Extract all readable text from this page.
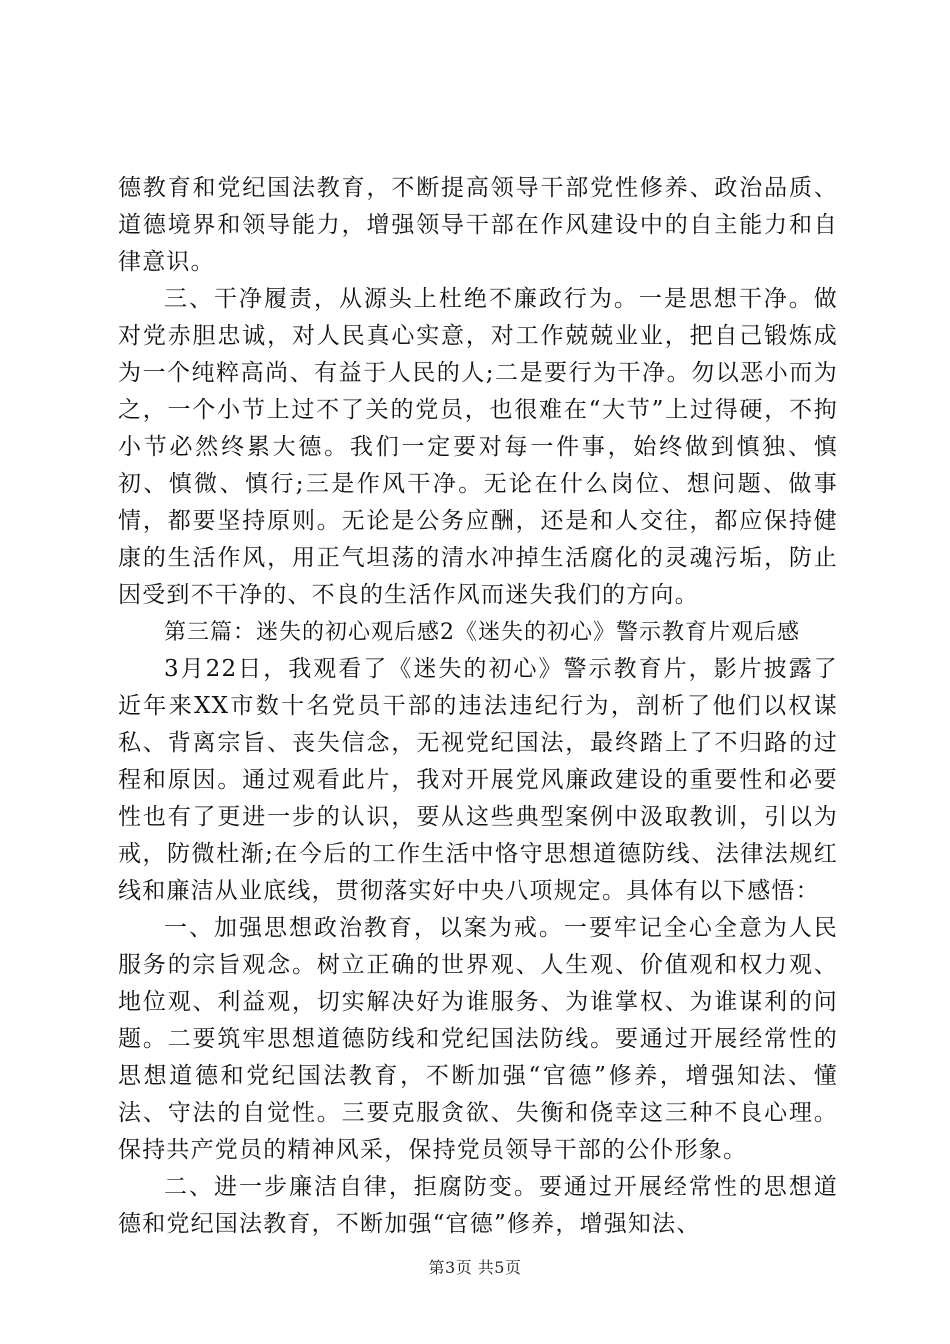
德教育和党纪国法教育，不断提高领导干部党性修养、政治品质、道德境界和领导能力，增强领导干部在作风建设中的自主能力和自律意识。

三、干净履责，从源头上杜绝不廉政行为。一是思想干净。做对党赤胆忠诚，对人民真心实意，对工作兢兢业业，把自己锻炼成为一个纯粹高尚、有益于人民的人;二是要行为干净。勿以恶小而为之，一个小节上过不了关的党员，也很难在“大节”上过得硬，不拘小节必然终累大德。我们一定要对每一件事，始终做到慎独、慎初、慎微、慎行;三是作风干净。无论在什么岗位、想问题、做事情，都要坚持原则。无论是公务应酬，还是和人交往，都应保持健康的生活作风，用正气坦荡的清水冲掉生活腐化的灵魂污垢，防止因受到不干净的、不良的生活作风而迷失我们的方向。

第三篇：迷失的初心观后感2《迷失的初心》警示教育片观后感

3月22日，我观看了《迷失的初心》警示教育片，影片披露了近年来XX市数十名党员干部的违法违纪行为，剖析了他们以权谋私、背离宗旨、丧失信念，无视党纪国法，最终踏上了不归路的过程和原因。通过观看此片，我对开展党风廉政建设的重要性和必要性也有了更进一步的认识，要从这些典型案例中汲取教训，引以为戒，防微杜渐;在今后的工作生活中恪守思想道德防线、法律法规红线和廉洁从业底线，贯彻落实好中央八项规定。具体有以下感悟：

一、加强思想政治教育，以案为戒。一要牢记全心全意为人民服务的宗旨观念。树立正确的世界观、人生观、价值观和权力观、地位观、利益观，切实解决好为谁服务、为谁掌权、为谁谋利的问题。二要筑牢思想道德防线和党纪国法防线。要通过开展经常性的思想道德和党纪国法教育，不断加强“官德”修养，增强知法、懂法、守法的自觉性。三要克服贪欲、失衡和侥幸这三种不良心理。保持共产党员的精神风采，保持党员领导干部的公仆形象。

二、进一步廉洁自律，拒腐防变。要通过开展经常性的思想道德和党纪国法教育，不断加强“官德”修养，增强知法、

第3页 共5页
